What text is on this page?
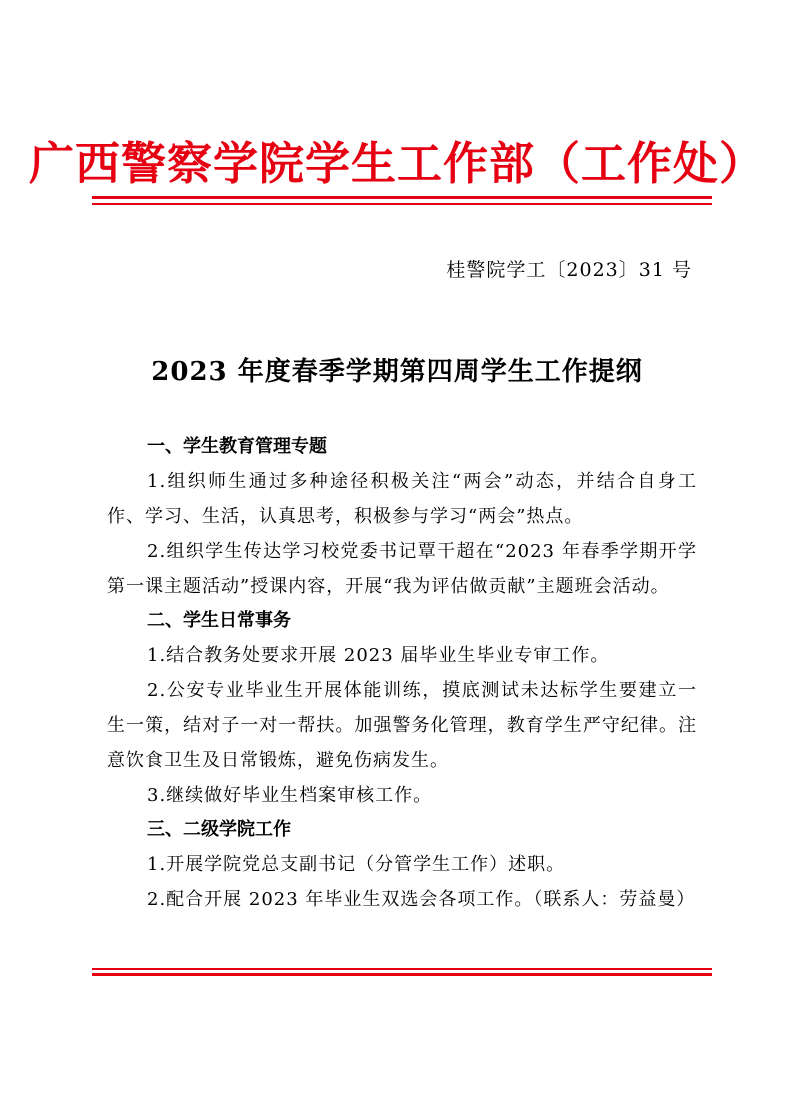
广西警察学院学生工作部（工作处）
桂警院学工〔2023〕31 号
2023 年度春季学期第四周学生工作提纲

一、学生教育管理专题

1.组织师生通过多种途径积极关注“两会”动态，并结合自身工作、学习、生活，认真思考，积极参与学习“两会”热点。

2.组织学生传达学习校党委书记覃干超在“2023 年春季学期开学第一课主题活动”授课内容，开展“我为评估做贡献”主题班会活动。

二、学生日常事务

1.结合教务处要求开展 2023 届毕业生毕业专审工作。

2.公安专业毕业生开展体能训练，摸底测试未达标学生要建立一生一策，结对子一对一帮扶。加强警务化管理，教育学生严守纪律。注意饮食卫生及日常锻炼，避免伤病发生。

3.继续做好毕业生档案审核工作。

三、二级学院工作

1.开展学院党总支副书记（分管学生工作）述职。

2.配合开展 2023 年毕业生双选会各项工作。（联系人：劳益曼）
